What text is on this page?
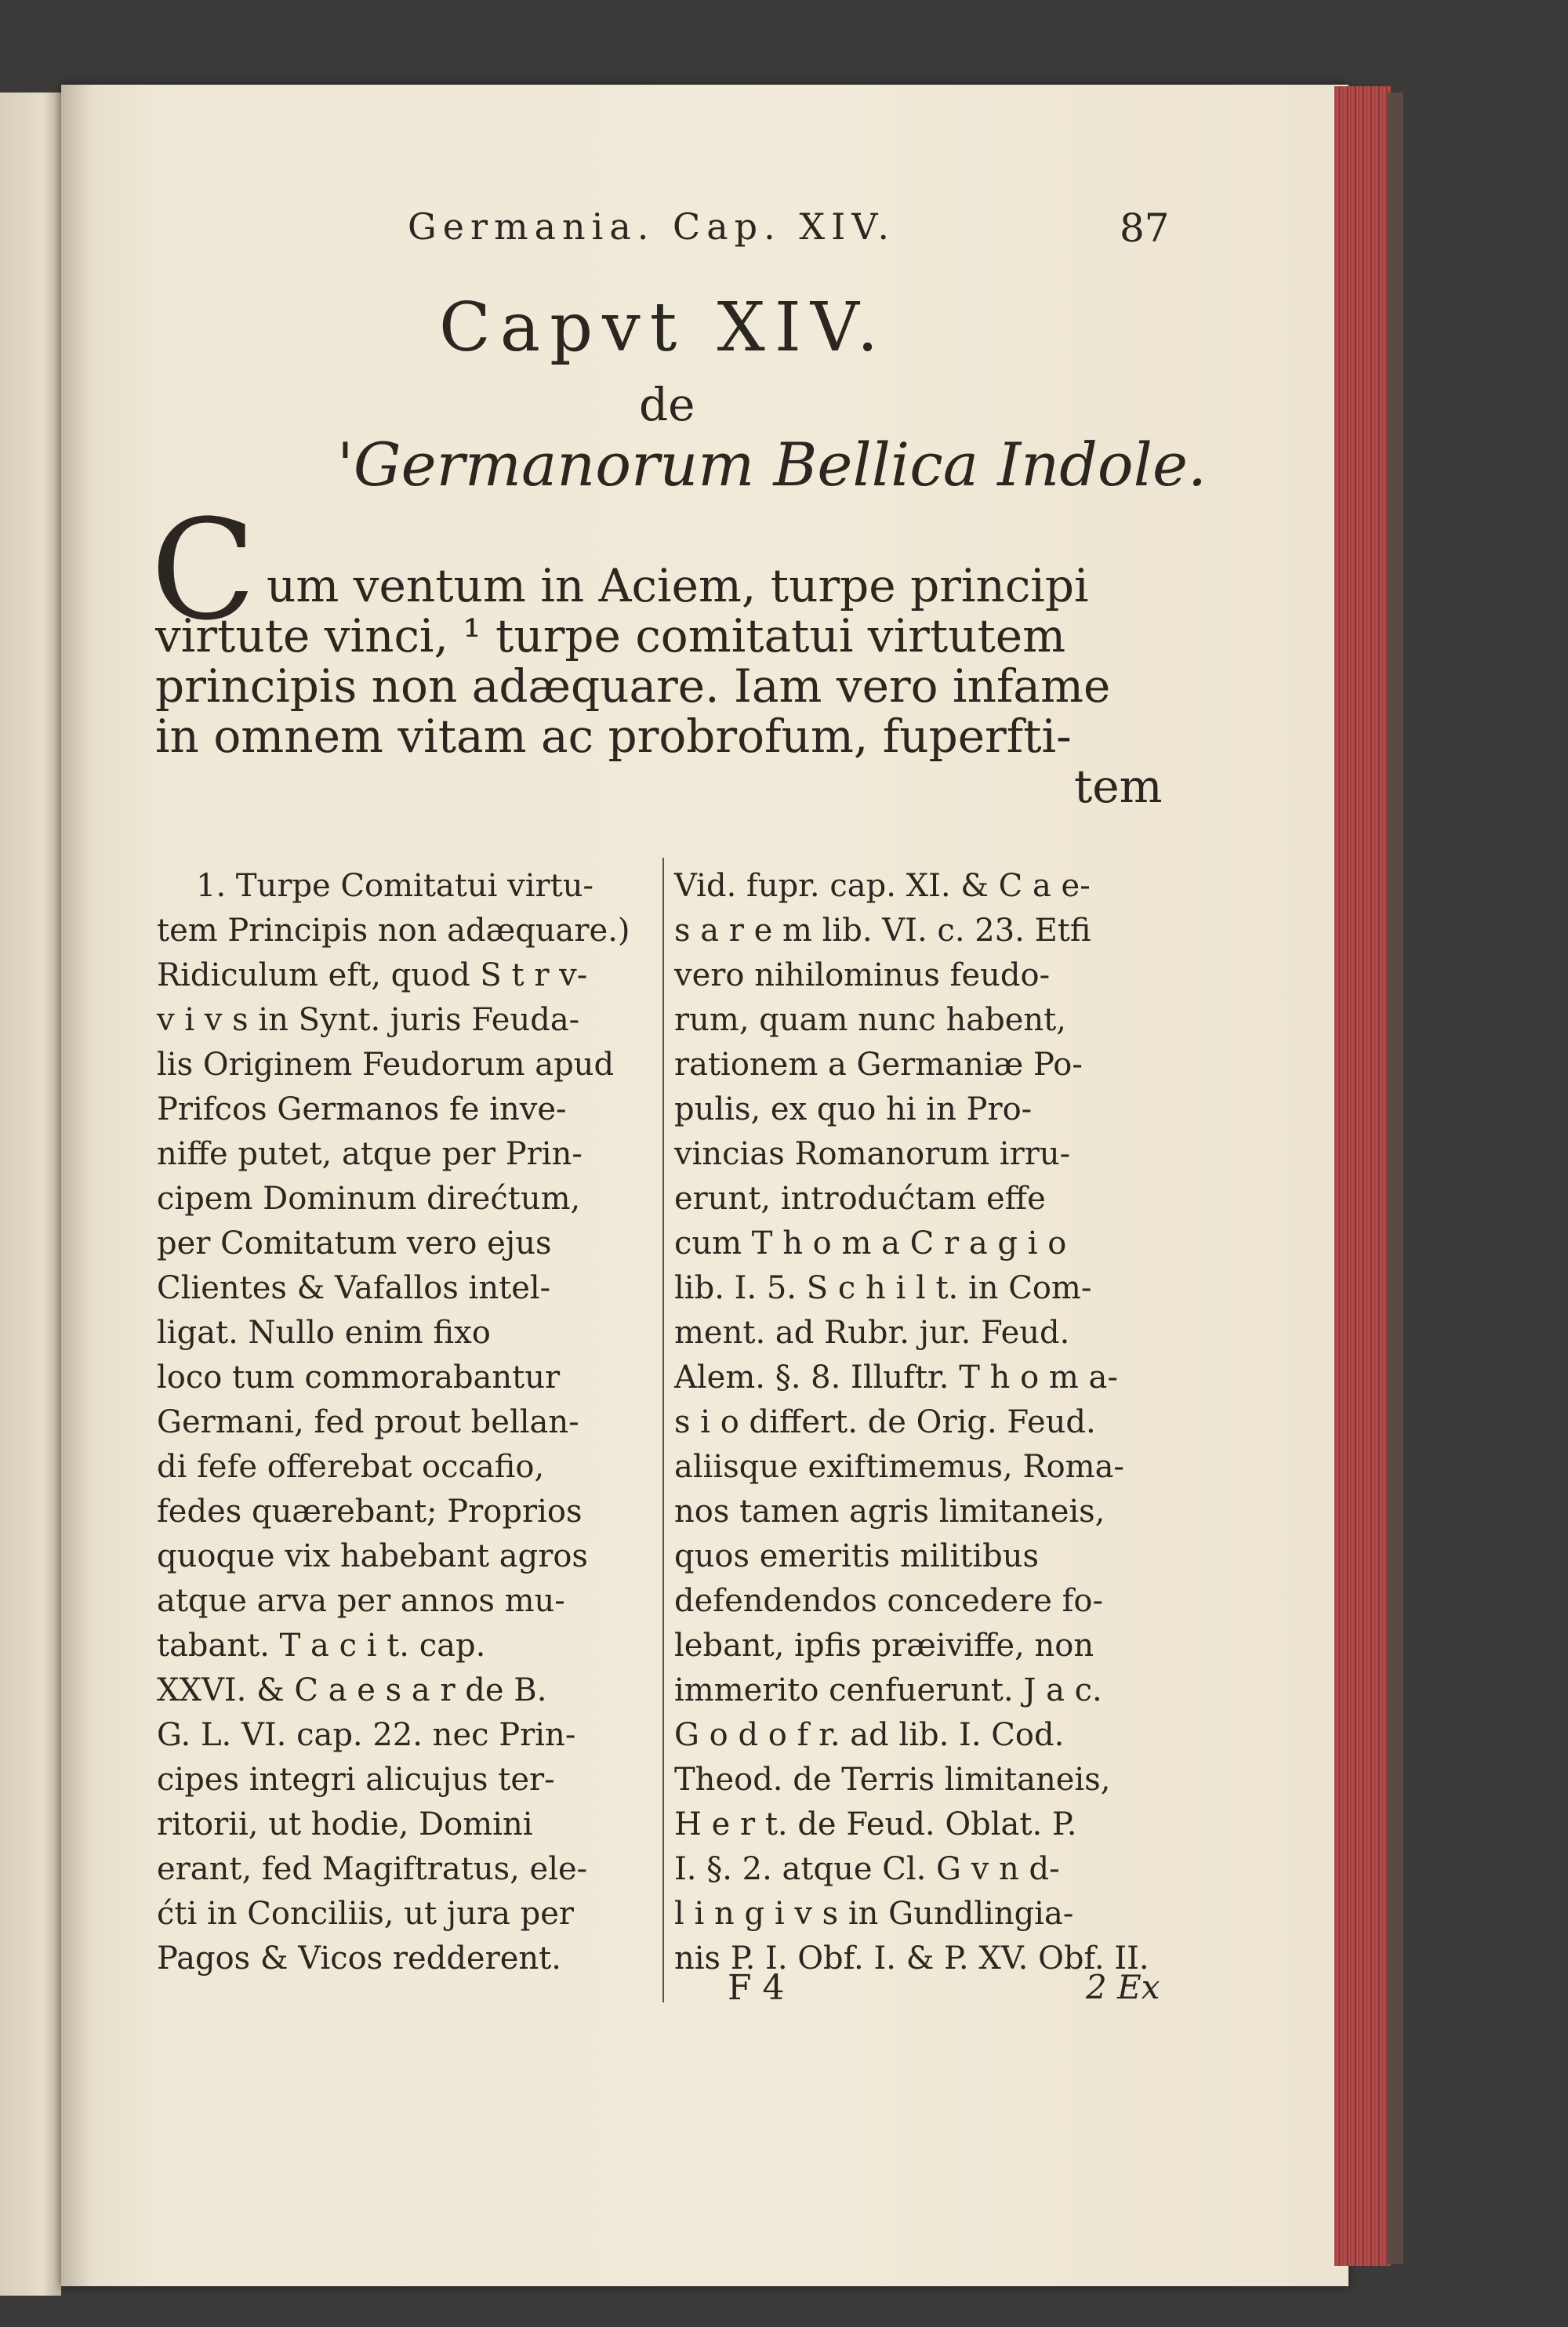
Germania. Cap. XIV.	87
Capvt XIV.
de
'Germanorum Bellica Indole.
C um ventum in Aciem, turpe principi
virtute vinci, ¹ turpe comitatui virtutem
principis non adæquare. Iam vero infame
in omnem vitam ac probrofum, fuperfti-
tem
1. Turpe Comitatui virtu-
tem Principis non adæquare.)
Ridiculum eft, quod S t r v-
v i v s in Synt. juris Feuda-
lis Originem Feudorum apud
Prifcos Germanos fe inve-
niffe putet, atque per Prin-
cipem Dominum direćtum,
per Comitatum vero ejus
Clientes & Vafallos intel-
ligat. Nullo enim fixo
loco tum commorabantur
Germani, fed prout bellan-
di fefe offerebat occafio,
fedes quærebant; Proprios
quoque vix habebant agros
atque arva per annos mu-
tabant. T a c i t. cap.
XXVI. & C a e s a r de B.
G. L. VI. cap. 22. nec Prin-
cipes integri alicujus ter-
ritorii, ut hodie, Domini
erant, fed Magiftratus, ele-
ćti in Conciliis, ut jura per
Pagos & Vicos redderent.
Vid. fupr. cap. XI. & C a e-
s a r e m lib. VI. c. 23. Etfi
vero nihilominus feudo-
rum, quam nunc habent,
rationem a Germaniæ Po-
pulis, ex quo hi in Pro-
vincias Romanorum irru-
erunt, introdućtam effe
cum T h o m a C r a g i o
lib. I. 5. S c h i l t. in Com-
ment. ad Rubr. jur. Feud.
Alem. §. 8. Illuftr. T h o m a-
s i o differt. de Orig. Feud.
aliisque exiftimemus, Roma-
nos tamen agris limitaneis,
quos emeritis militibus
defendendos concedere fo-
lebant, ipfis præiviffe, non
immerito cenfuerunt. J a c.
G o d o f r. ad lib. I. Cod.
Theod. de Terris limitaneis,
H e r t. de Feud. Oblat. P.
I. §. 2. atque Cl. G v n d-
l i n g i v s in Gundlingia-
nis P. I. Obf. I. & P. XV. Obf. II.
F 4	2 Ex
